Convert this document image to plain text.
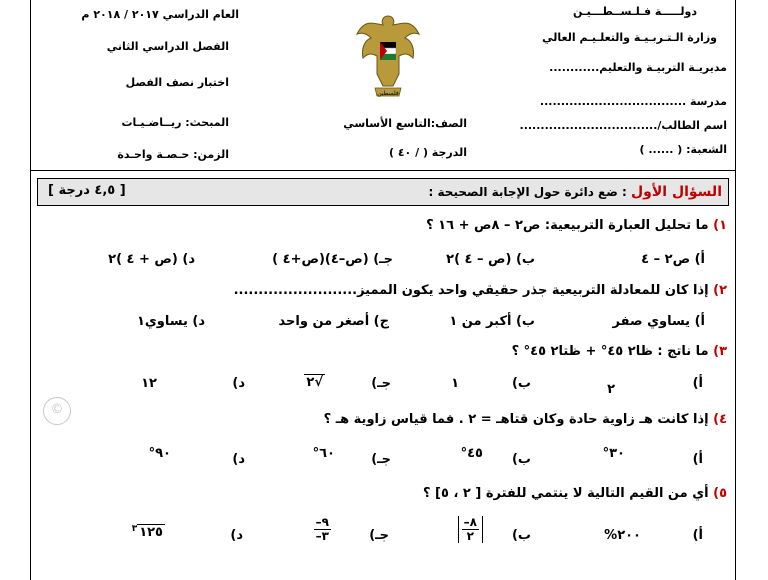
دولـــــة فـلـســطـــيـن
وزارة الـتـربـيـة والتعلـيـم العالي
مديريـة التربيـة والتعليم............
مدرسة ...................................
اسم الطالب/.................................
الشعبة: ( ...... )
فلسطين
الصف:التاسع الأساسي
الدرجة ( / ٤٠ )
العام الدراسي ٢٠١٧ / ٢٠١٨ م
الفصل الدراسي الثاني
اختبار نصف الفصل
المبحث: ريــاضـيـات
الزمن: حـصـة واحـدة
السؤال الأول : ضع دائرة حول الإجابة الصحيحة :
[ ٤,٥ درجة ]
١) ما تحليل العبارة التربيعية: ص٢ – ٨ص + ١٦ ؟
أ) ص٢ – ٤
ب) (ص – ٤ )٢
جـ) (ص–٤)(ص+٤ )
د) (ص + ٤ )٢
٢) إذا كان للمعادلة التربيعية جذر حقيقي واحد يكون المميز.........................
أ) يساوي صفر
ب) أكبر من ١
ج) أصغر من واحد
د) يساوي١
٣) ما ناتج : ظا٢ ٤٥° + ظتا٢ ٤٥° ؟
أ)
٢
ب)
١
جـ)
√٢
د)
١٢
٤) إذا كانت هـ زاوية حادة وكان قتاهـ = ٢ . فما قياس زاوية هـ ؟
أ)
٣٠°
ب)
٤٥°
جـ)
٦٠°
د)
٩٠°
٥) أي من القيم التالية لا ينتمي للفترة [ ٢ ، ٥] ؟
أ)
٢٠٠%
ب)
$\frac{٨-}{٢}$
جـ)
$\frac{٩-}{٣-}$
د)
$^٣$ ١٢٥
©
